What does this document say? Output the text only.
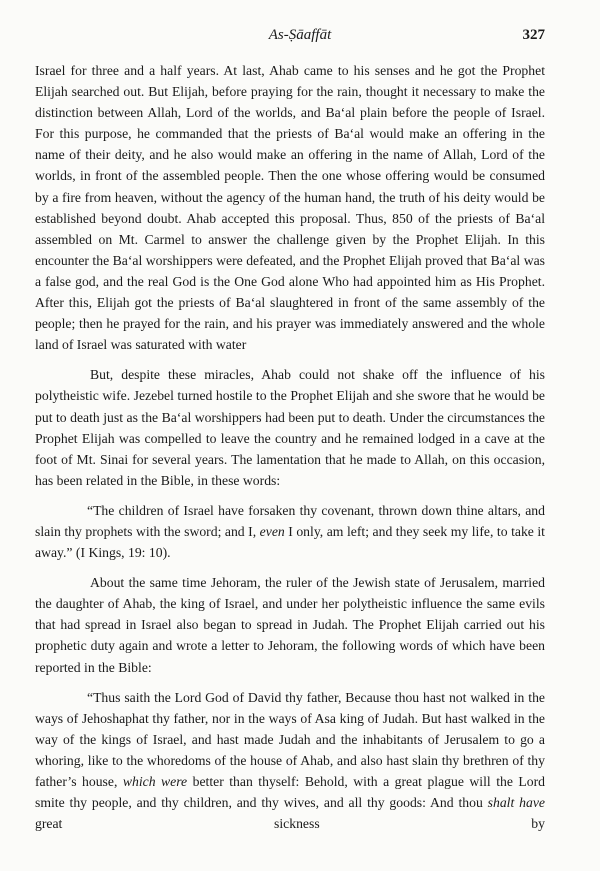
As-Ṣāaffāt	327

Israel for three and a half years. At last, Ahab came to his senses and he got the Prophet Elijah searched out. But Elijah, before praying for the rain, thought it necessary to make the distinction between Allah, Lord of the worlds, and Ba‘al plain before the people of Israel. For this purpose, he commanded that the priests of Ba‘al would make an offering in the name of their deity, and he also would make an offering in the name of Allah, Lord of the worlds, in front of the assembled people. Then the one whose offering would be consumed by a fire from heaven, without the agency of the human hand, the truth of his deity would be established beyond doubt. Ahab accepted this proposal. Thus, 850 of the priests of Ba‘al assembled on Mt. Carmel to answer the challenge given by the Prophet Elijah. In this encounter the Ba‘al worshippers were defeated, and the Prophet Elijah proved that Ba‘al was a false god, and the real God is the One God alone Who had appointed him as His Prophet. After this, Elijah got the priests of Ba‘al slaughtered in front of the same assembly of the people; then he prayed for the rain, and his prayer was immediately answered and the whole land of Israel was saturated with water

But, despite these miracles, Ahab could not shake off the influence of his polytheistic wife. Jezebel turned hostile to the Prophet Elijah and she swore that he would be put to death just as the Ba‘al worshippers had been put to death. Under the circumstances the Prophet Elijah was compelled to leave the country and he remained lodged in a cave at the foot of Mt. Sinai for several years. The lamentation that he made to Allah, on this occasion, has been related in the Bible, in these words:

“The children of Israel have forsaken thy covenant, thrown down thine altars, and slain thy prophets with the sword; and I, even I only, am left; and they seek my life, to take it away.” (I Kings, 19: 10).

About the same time Jehoram, the ruler of the Jewish state of Jerusalem, married the daughter of Ahab, the king of Israel, and under her polytheistic influence the same evils that had spread in Israel also began to spread in Judah. The Prophet Elijah carried out his prophetic duty again and wrote a letter to Jehoram, the following words of which have been reported in the Bible:

“Thus saith the Lord God of David thy father, Because thou hast not walked in the ways of Jehoshaphat thy father, nor in the ways of Asa king of Judah. But hast walked in the way of the kings of Israel, and hast made Judah and the inhabitants of Jerusalem to go a whoring, like to the whoredoms of the house of Ahab, and also hast slain thy brethren of thy father’s house, which were better than thyself: Behold, with a great plague will the Lord smite thy people, and thy children, and thy wives, and all thy goods: And thou shalt have great sickness by
